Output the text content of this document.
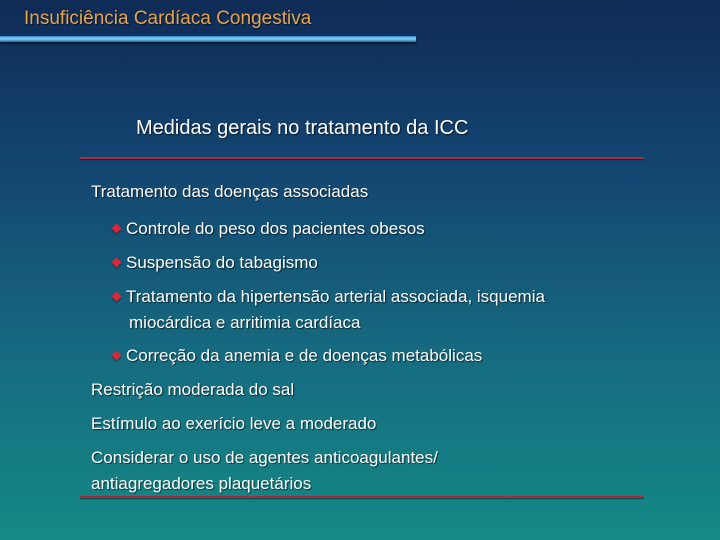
Insuficiência Cardíaca Congestiva
Medidas gerais no tratamento da ICC
Tratamento das doenças associadas
Controle do peso dos pacientes obesos
Suspensão do tabagismo
Tratamento da hipertensão arterial associada, isquemia
miocárdica e arritimia cardíaca
Correção da anemia e de doenças metabólicas
Restrição moderada do sal
Estímulo ao exerício leve a moderado
Considerar o uso de agentes anticoagulantes/
antiagregadores plaquetários
